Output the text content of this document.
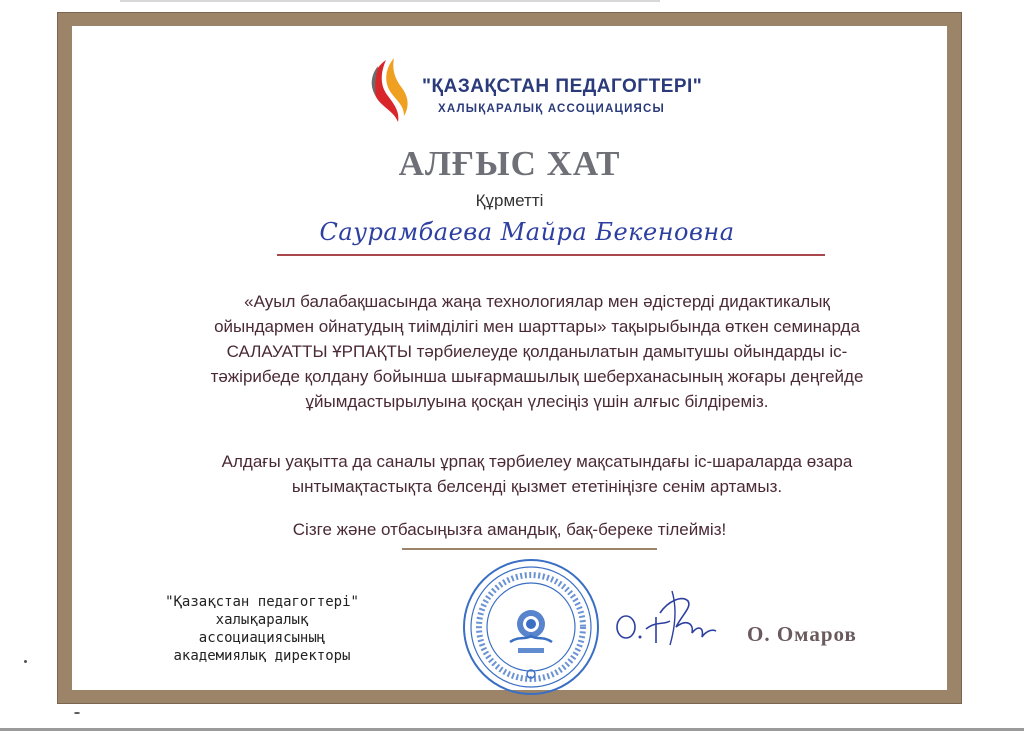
"ҚАЗАҚСТАН ПЕДАГОГТЕРІ"
ХАЛЫҚАРАЛЫҚ АССОЦИАЦИЯСЫ
АЛҒЫС ХАТ
Құрметті
Саурамбаева Майра Бекеновна
«Ауыл балабақшасында жаңа технологиялар мен әдістерді дидактикалық
ойындармен ойнатудың тиімділігі мен шарттары» тақырыбында өткен семинарда
САЛАУАТТЫ ҰРПАҚТЫ тәрбиелеуде қолданылатын дамытушы ойындарды іс-
тәжірибеде қолдану бойынша шығармашылық шеберханасының жоғары деңгейде
ұйымдастырылуына қосқан үлесіңіз үшін алғыс білдіреміз.
Алдағы уақытта да саналы ұрпақ тәрбиелеу мақсатындағы іс-шараларда өзара
ынтымақтастықта белсенді қызмет ететініңізге сенім артамыз.
Сізге және отбасыңызға амандық, бақ-береке тілейміз!
"Қазақстан педагогтері"
халықаралық
ассоциациясының
академиялық директоры
О. Омаров
